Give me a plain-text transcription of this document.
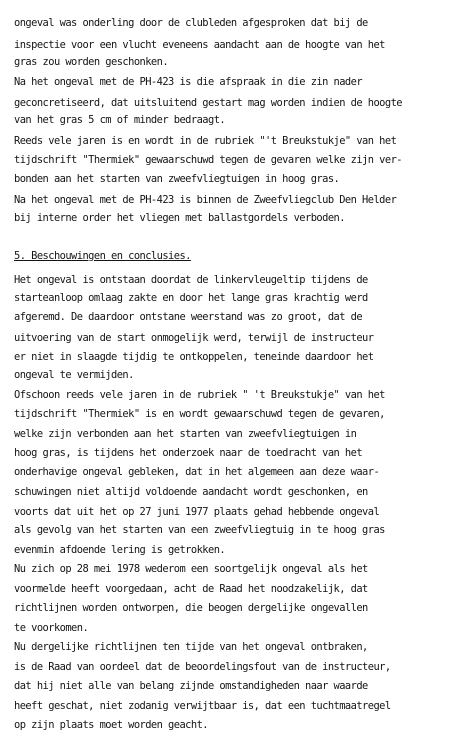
ongeval was onderling door de clubleden afgesproken dat bij de
inspectie voor een vlucht eveneens aandacht aan de hoogte van het
gras zou worden geschonken.
Na het ongeval met de PH-423 is die afspraak in die zin nader
geconcretiseerd, dat uitsluitend gestart mag worden indien de hoogte
van het gras 5 cm of minder bedraagt.
Reeds vele jaren is en wordt in de rubriek "'t Breukstukje" van het
tijdschrift "Thermiek" gewaarschuwd tegen de gevaren welke zijn ver-
bonden aan het starten van zweefvliegtuigen in hoog gras.
Na het ongeval met de PH-423 is binnen de Zweefvliegclub Den Helder
bij interne order het vliegen met ballastgordels verboden.
5. Beschouwingen en conclusies.
Het ongeval is ontstaan doordat de linkervleugeltip tijdens de
starteanloop omlaag zakte en door het lange gras krachtig werd
afgeremd. De daardoor ontstane weerstand was zo groot, dat de
uitvoering van de start onmogelijk werd, terwijl de instructeur
er niet in slaagde tijdig te ontkoppelen, teneinde daardoor het
ongeval te vermijden.
Ofschoon reeds vele jaren in de rubriek " 't Breukstukje" van het
tijdschrift "Thermiek" is en wordt gewaarschuwd tegen de gevaren,
welke zijn verbonden aan het starten van zweefvliegtuigen in
hoog gras, is tijdens het onderzoek naar de toedracht van het
onderhavige ongeval gebleken, dat in het algemeen aan deze waar-
schuwingen niet altijd voldoende aandacht wordt geschonken, en
voorts dat uit het op 27 juni 1977 plaats gehad hebbende ongeval
als gevolg van het starten van een zweefvliegtuig in te hoog gras
evenmin afdoende lering is getrokken.
Nu zich op 28 mei 1978 wederom een soortgelijk ongeval als het
voormelde heeft voorgedaan, acht de Raad het noodzakelijk, dat
richtlijnen worden ontworpen, die beogen dergelijke ongevallen
te voorkomen.
Nu dergelijke richtlijnen ten tijde van het ongeval ontbraken,
is de Raad van oordeel dat de beoordelingsfout van de instructeur,
dat hij niet alle van belang zijnde omstandigheden naar waarde
heeft geschat, niet zodanig verwijtbaar is, dat een tuchtmaatregel
op zijn plaats moet worden geacht.
